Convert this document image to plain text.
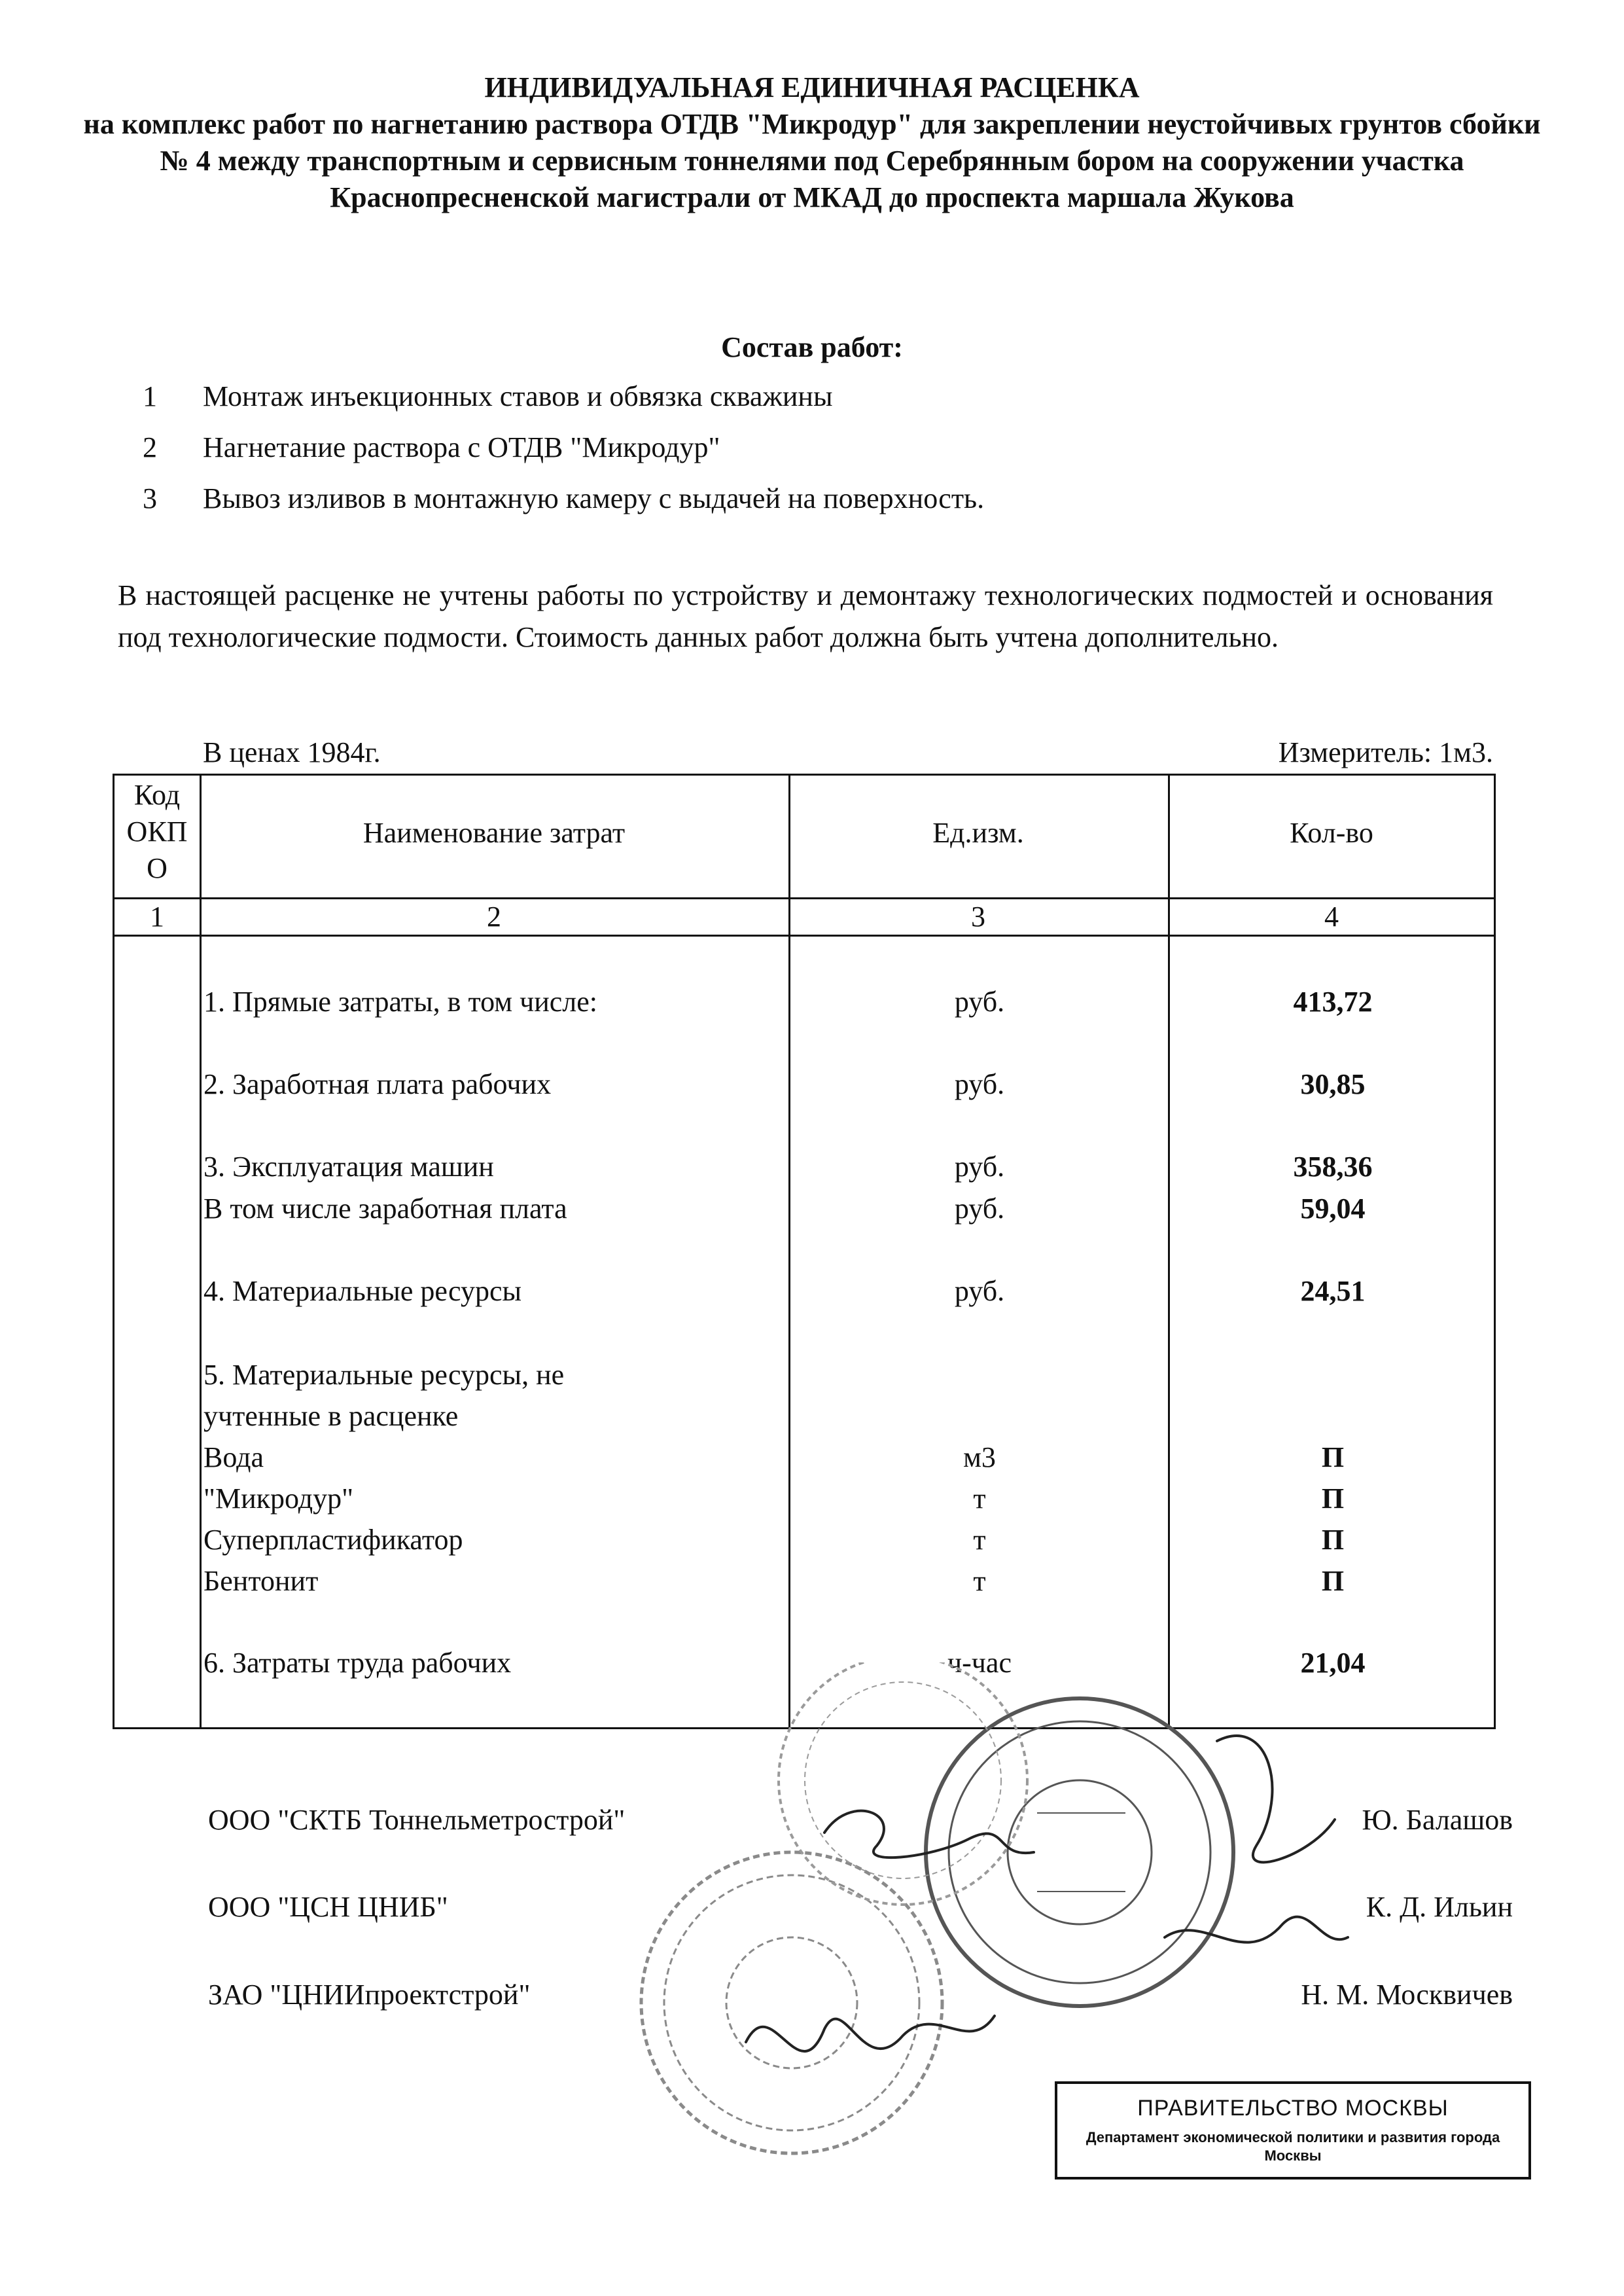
ИНДИВИДУАЛЬНАЯ ЕДИНИЧНАЯ РАСЦЕНКА
на комплекс работ по нагнетанию раствора ОТДВ "Микродур" для закреплении неустойчивых грунтов сбойки № 4 между транспортным и сервисным тоннелями под Серебрянным бором на сооружении участка Краснопресненской магистрали от МКАД до проспекта маршала Жукова
Состав работ:
1	Монтаж инъекционных ставов и обвязка скважины
2	Нагнетание раствора с ОТДВ "Микродур"
3	Вывоз изливов в монтажную камеру с выдачей на поверхность.
В настоящей расценке не учтены работы по устройству и демонтажу технологических подмостей и основания под технологические подмости. Стоимость данных работ должна быть учтена дополнительно.
В ценах 1984г.	Измеритель: 1м3.
Код
ОКП
О
Наименование затрат	Ед.изм.	Кол-во
1	2	3	4
1. Прямые затраты, в том числе:	руб.	413,72
2. Заработная плата рабочих	руб.	30,85
3. Эксплуатация машин	руб.	358,36
В том числе заработная плата	руб.	59,04
4. Материальные ресурсы	руб.	24,51
5. Материальные ресурсы, не
учтенные в расценке
Вода	м3	П
"Микродур"	т	П
Суперпластификатор	т	П
Бентонит	т	П
6. Затраты труда рабочих	ч-час	21,04
ООО "СКТБ Тоннельметрострой"	Ю. Балашов
ООО "ЦСН ЦНИБ"	К. Д. Ильин
ЗАО "ЦНИИпроектстрой"	Н. М. Москвичев
ПРАВИТЕЛЬСТВО МОСКВЫ
Департамент экономической политики и развития города Москвы
